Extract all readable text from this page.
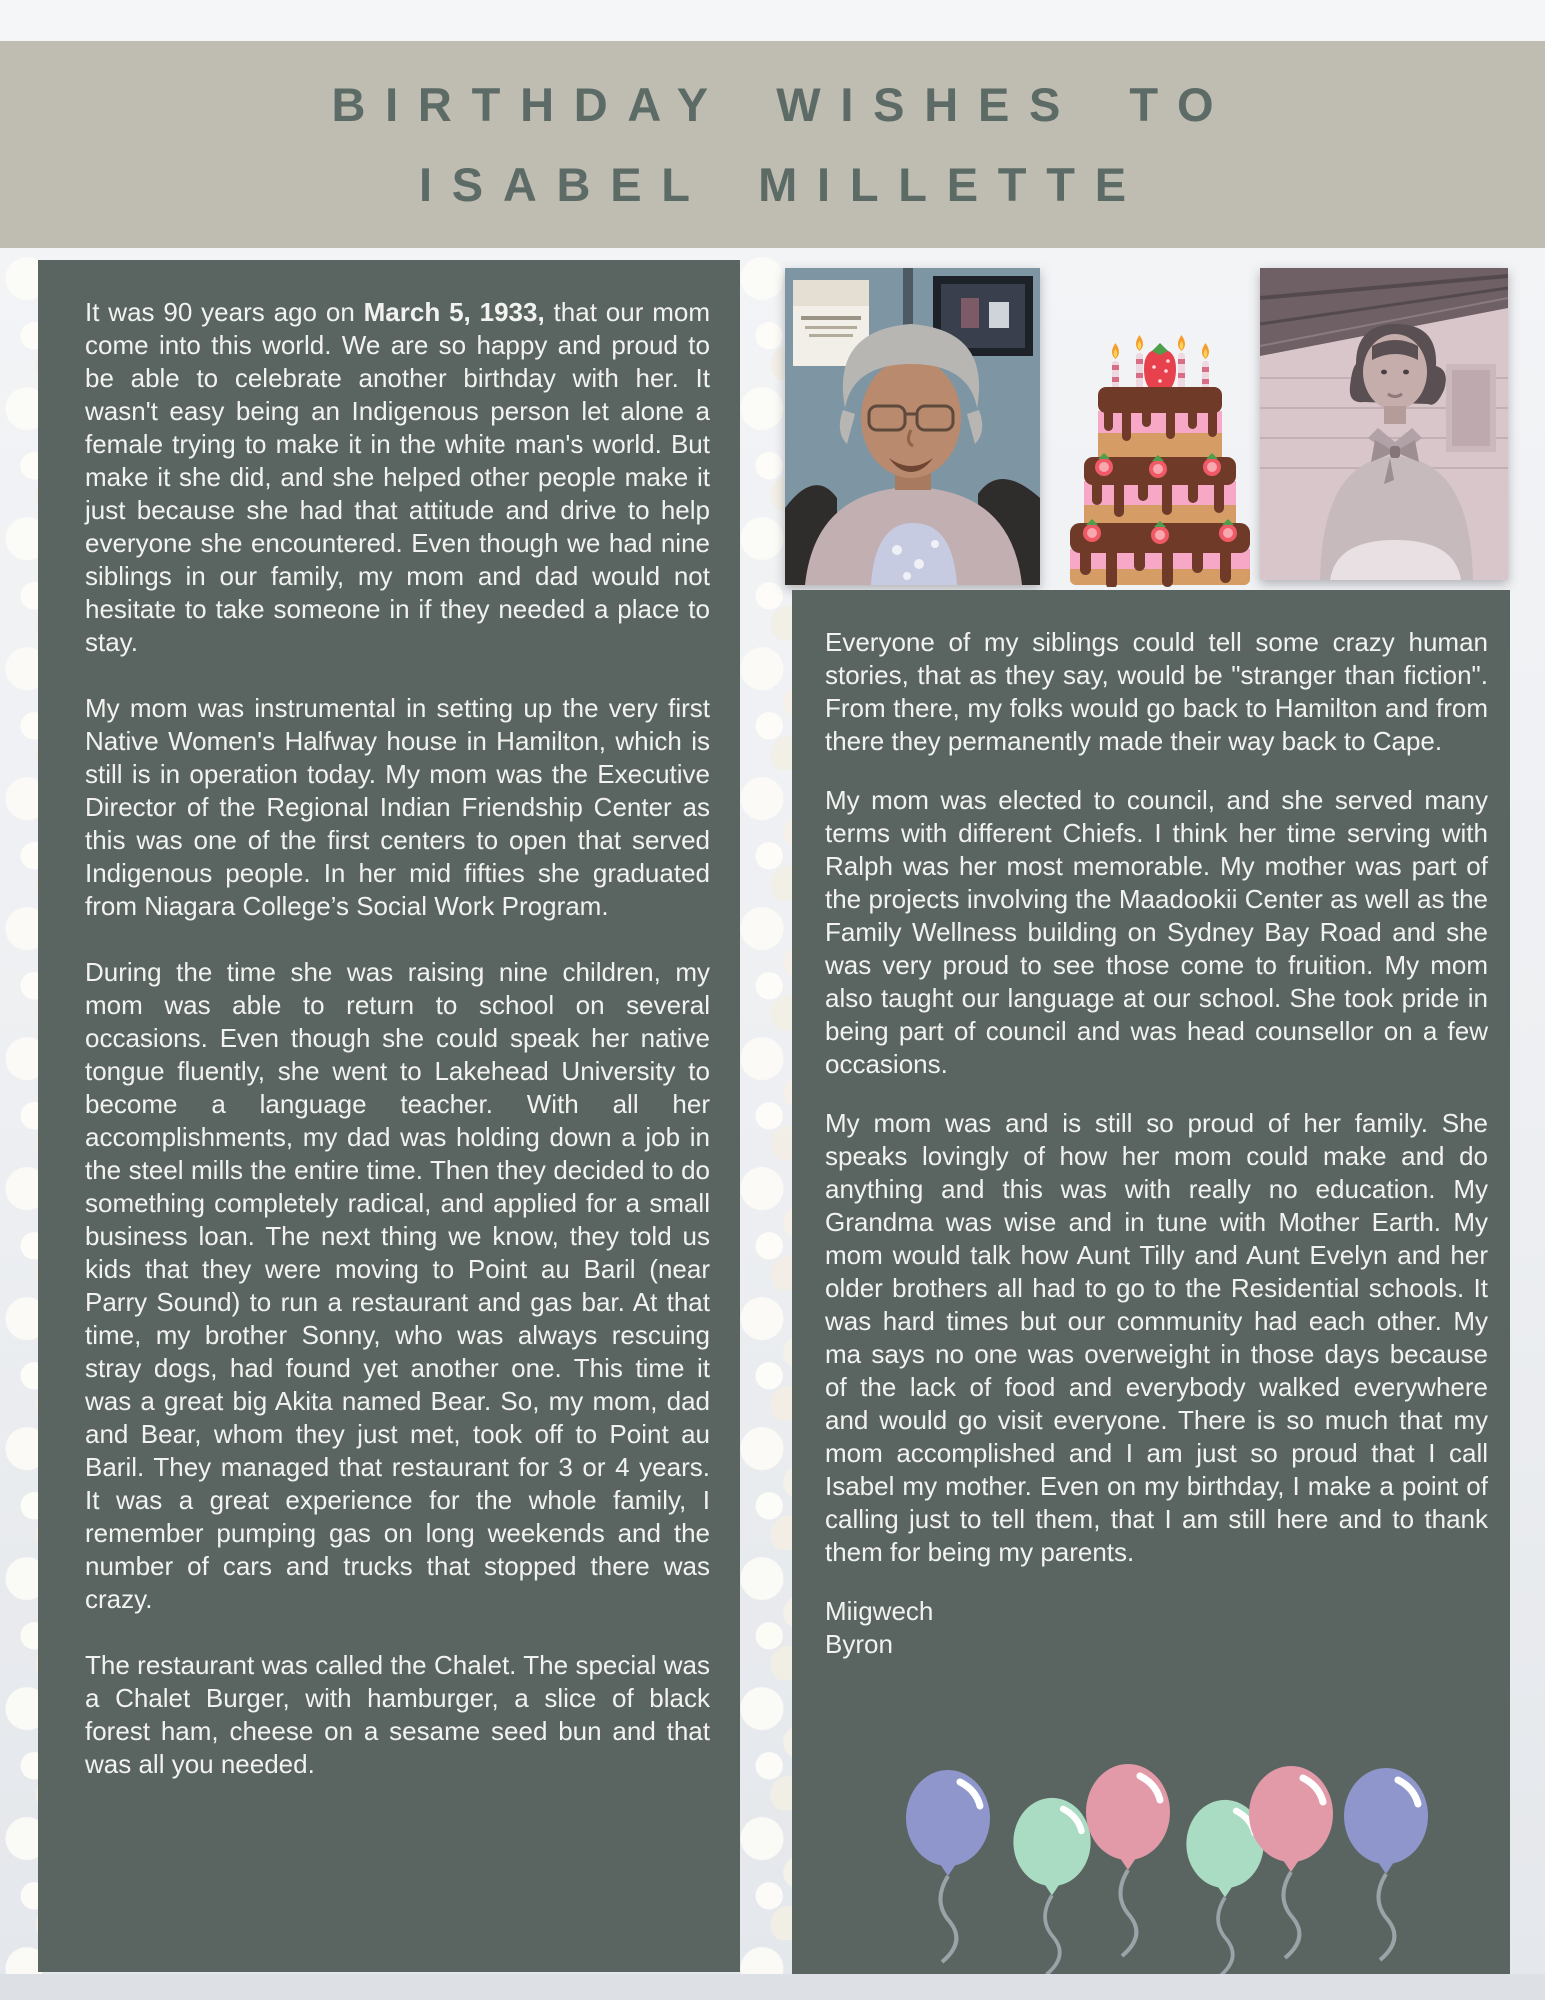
BIRTHDAY WISHES TO
ISABEL MILLETTE

It was 90 years ago on March 5, 1933, that our mom come into this world. We are so happy and proud to be able to celebrate another birthday with her. It wasn't easy being an Indigenous person let alone a female trying to make it in the white man's world. But make it she did, and she helped other people make it just because she had that attitude and drive to help everyone she encountered. Even though we had nine siblings in our family, my mom and dad would not hesitate to take someone in if they needed a place to stay.

My mom was instrumental in setting up the very first Native Women's Halfway house in Hamilton, which is still is in operation today. My mom was the Executive Director of the Regional Indian Friendship Center as this was one of the first centers to open that served Indigenous people. In her mid fifties she graduated from Niagara College’s Social Work Program.

During the time she was raising nine children, my mom was able to return to school on several occasions. Even though she could speak her native tongue fluently, she went to Lakehead University to become a language teacher. With all her accomplishments, my dad was holding down a job in the steel mills the entire time. Then they decided to do something completely radical, and applied for a small business loan. The next thing we know, they told us kids that they were moving to Point au Baril (near Parry Sound) to run a restaurant and gas bar. At that time, my brother Sonny, who was always rescuing stray dogs, had found yet another one. This time it was a great big Akita named Bear. So, my mom, dad and Bear, whom they just met, took off to Point au Baril. They managed that restaurant for 3 or 4 years. It was a great experience for the whole family, I remember pumping gas on long weekends and the number of cars and trucks that stopped there was crazy.

The restaurant was called the Chalet. The special was a Chalet Burger, with hamburger, a slice of black forest ham, cheese on a sesame seed bun and that was all you needed.

Everyone of my siblings could tell some crazy human stories, that as they say, would be "stranger than fiction". From there, my folks would go back to Hamilton and from there they permanently made their way back to Cape.

My mom was elected to council, and she served many terms with different Chiefs. I think her time serving with Ralph was her most memorable. My mother was part of the projects involving the Maadookii Center as well as the Family Wellness building on Sydney Bay Road and she was very proud to see those come to fruition. My mom also taught our language at our school. She took pride in being part of council and was head counsellor on a few occasions.

My mom was and is still so proud of her family. She speaks lovingly of how her mom could make and do anything and this was with really no education. My Grandma was wise and in tune with Mother Earth. My mom would talk how Aunt Tilly and Aunt Evelyn and her older brothers all had to go to the Residential schools. It was hard times but our community had each other. My ma says no one was overweight in those days because of the lack of food and everybody walked everywhere and would go visit everyone. There is so much that my mom accomplished and I am just so proud that I call Isabel my mother. Even on my birthday, I make a point of calling just to tell them, that I am still here and to thank them for being my parents.

Miigwech
Byron
